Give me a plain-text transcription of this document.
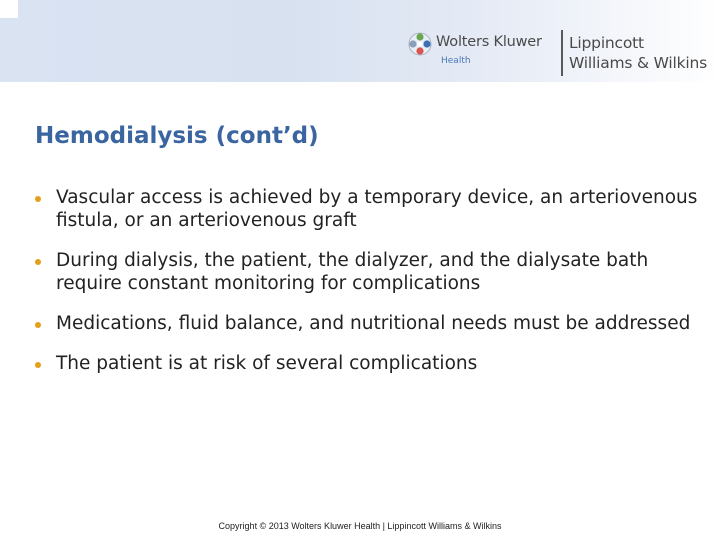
Wolters Kluwer
Health
Lippincott
Williams & Wilkins
Hemodialysis (cont’d)
Vascular access is achieved by a temporary device, an arteriovenous fistula, or an arteriovenous graft
During dialysis, the patient, the dialyzer, and the dialysate bath require constant monitoring for complications
Medications, fluid balance, and nutritional needs must be addressed
The patient is at risk of several complications
Copyright © 2013 Wolters Kluwer Health | Lippincott Williams & Wilkins
